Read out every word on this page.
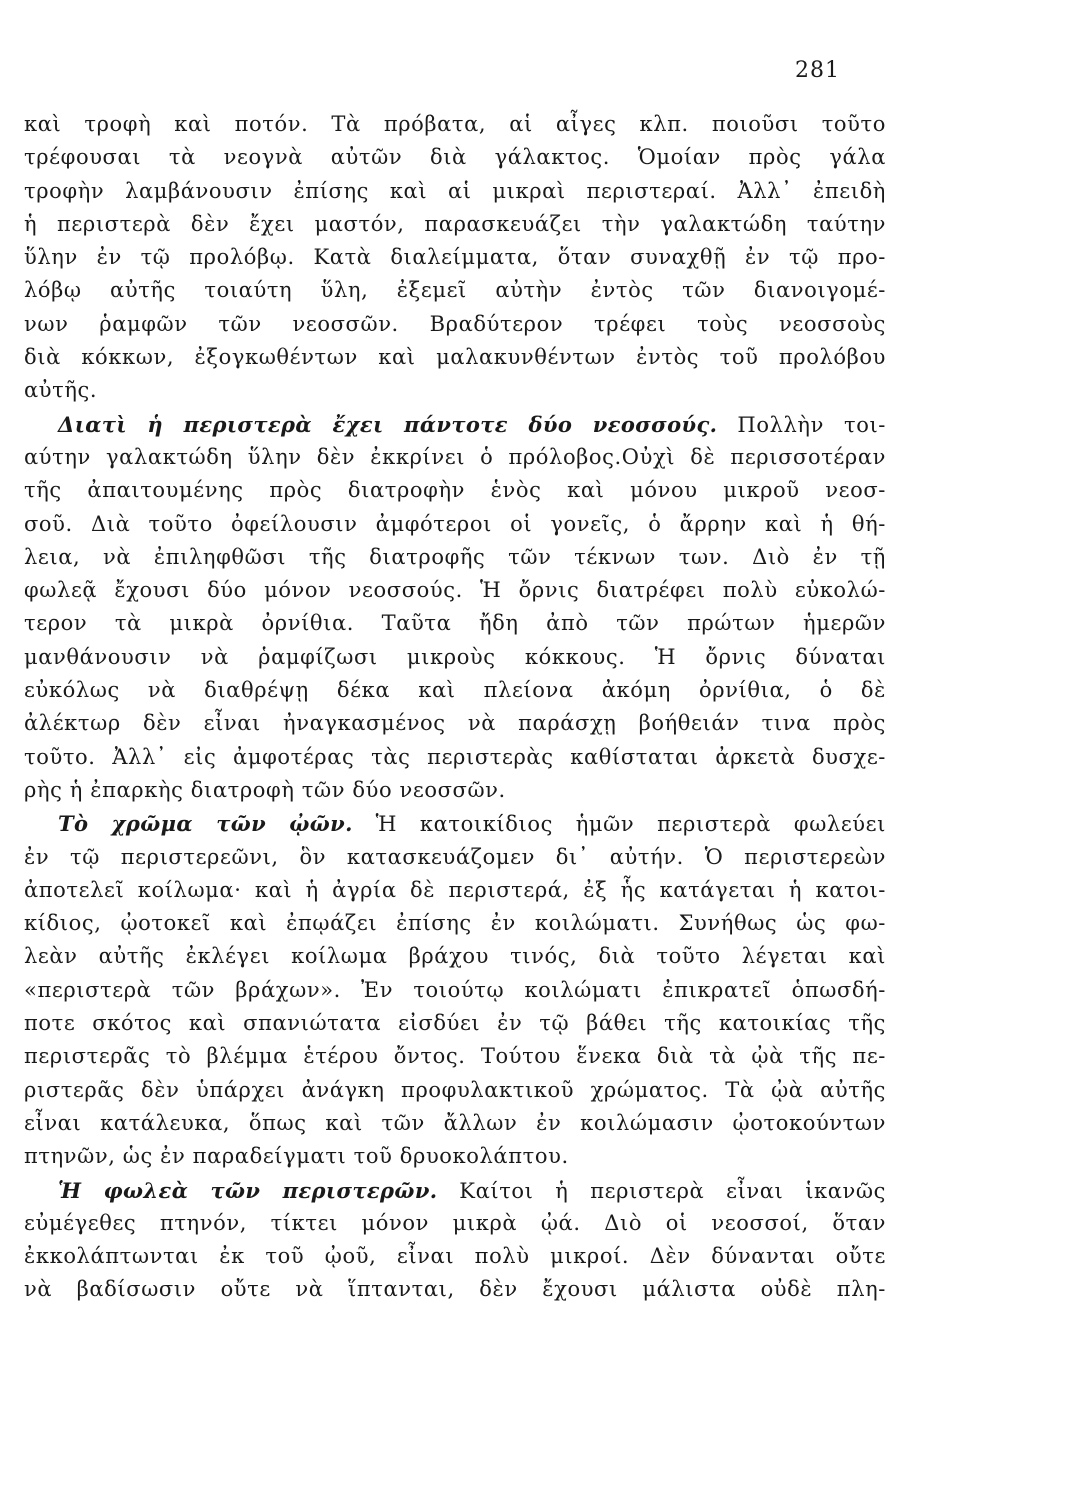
281
καὶ τροφὴ καὶ ποτόν. Τὰ πρόβατα, αἱ αἶγες κλπ. ποιοῦσι τοῦτο
τρέφουσαι τὰ νεογνὰ αὐτῶν διὰ γάλακτος. Ὁμοίαν πρὸς γάλα
τροφὴν λαμβάνουσιν ἐπίσης καὶ αἱ μικραὶ περιστεραί. Ἀλλ᾽ ἐπειδὴ
ἡ περιστερὰ δὲν ἔχει μαστόν, παρασκευάζει τὴν γαλακτώδη ταύτην
ὕλην ἐν τῷ προλόβῳ. Κατὰ διαλείμματα, ὅταν συναχθῇ ἐν τῷ προ-
λόβῳ αὐτῆς τοιαύτη ὕλη, ἐξεμεῖ αὐτὴν ἐντὸς τῶν διανοιγομέ-
νων ῥαμφῶν τῶν νεοσσῶν. Βραδύτερον τρέφει τοὺς νεοσσοὺς
διὰ κόκκων, ἐξογκωθέντων καὶ μαλακυνθέντων ἐντὸς τοῦ προλόβου
αὐτῆς.
Διατὶ ἡ περιστερὰ ἔχει πάντοτε δύο νεοσσούς. Πολλὴν τοι-
αύτην γαλακτώδη ὕλην δὲν ἐκκρίνει ὁ πρόλοβος.Οὐχὶ δὲ περισσοτέραν
τῆς ἀπαιτουμένης πρὸς διατροφὴν ἑνὸς καὶ μόνου μικροῦ νεοσ-
σοῦ. Διὰ τοῦτο ὀφείλουσιν ἀμφότεροι οἱ γονεῖς, ὁ ἄρρην καὶ ἡ θή-
λεια, νὰ ἐπιληφθῶσι τῆς διατροφῆς τῶν τέκνων των. Διὸ ἐν τῇ
φωλεᾷ ἔχουσι δύο μόνον νεοσσούς. Ἡ ὄρνις διατρέφει πολὺ εὐκολώ-
τερον τὰ μικρὰ ὀρνίθια. Ταῦτα ἤδη ἀπὸ τῶν πρώτων ἡμερῶν
μανθάνουσιν νὰ ῥαμφίζωσι μικροὺς κόκκους. Ἡ ὄρνις δύναται
εὐκόλως νὰ διαθρέψῃ δέκα καὶ πλείονα ἀκόμη ὀρνίθια, ὁ δὲ
ἀλέκτωρ δὲν εἶναι ἠναγκασμένος νὰ παράσχῃ βοήθειάν τινα πρὸς
τοῦτο. Ἀλλ᾽ εἰς ἀμφοτέρας τὰς περιστερὰς καθίσταται ἀρκετὰ δυσχε-
ρὴς ἡ ἐπαρκὴς διατροφὴ τῶν δύο νεοσσῶν.
Τὸ χρῶμα τῶν ᾠῶν. Ἡ κατοικίδιος ἡμῶν περιστερὰ φωλεύει
ἐν τῷ περιστερεῶνι, ὃν κατασκευάζομεν δι᾽ αὐτήν. Ὁ περιστερεὼν
ἀποτελεῖ κοίλωμα· καὶ ἡ ἀγρία δὲ περιστερά, ἐξ ἧς κατάγεται ἡ κατοι-
κίδιος, ᾠοτοκεῖ καὶ ἐπῳάζει ἐπίσης ἐν κοιλώματι. Συνήθως ὡς φω-
λεὰν αὐτῆς ἐκλέγει κοίλωμα βράχου τινός, διὰ τοῦτο λέγεται καὶ
«περιστερὰ τῶν βράχων». Ἐν τοιούτῳ κοιλώματι ἐπικρατεῖ ὁπωσδή-
ποτε σκότος καὶ σπανιώτατα εἰσδύει ἐν τῷ βάθει τῆς κατοικίας τῆς
περιστερᾶς τὸ βλέμμα ἑτέρου ὄντος. Τούτου ἕνεκα διὰ τὰ ᾠὰ τῆς πε-
ριστερᾶς δὲν ὑπάρχει ἀνάγκη προφυλακτικοῦ χρώματος. Τὰ ᾠὰ αὐτῆς
εἶναι κατάλευκα, ὅπως καὶ τῶν ἄλλων ἐν κοιλώμασιν ᾠοτοκούντων
πτηνῶν, ὡς ἐν παραδείγματι τοῦ δρυοκολάπτου.
Ἡ φωλεὰ τῶν περιστερῶν. Καίτοι ἡ περιστερὰ εἶναι ἱκανῶς
εὐμέγεθες πτηνόν, τίκτει μόνον μικρὰ ᾠά. Διὸ οἱ νεοσσοί, ὅταν
ἐκκολάπτωνται ἐκ τοῦ ᾠοῦ, εἶναι πολὺ μικροί. Δὲν δύνανται οὔτε
νὰ βαδίσωσιν οὔτε νὰ ἵπτανται, δὲν ἔχουσι μάλιστα οὐδὲ πλη-
